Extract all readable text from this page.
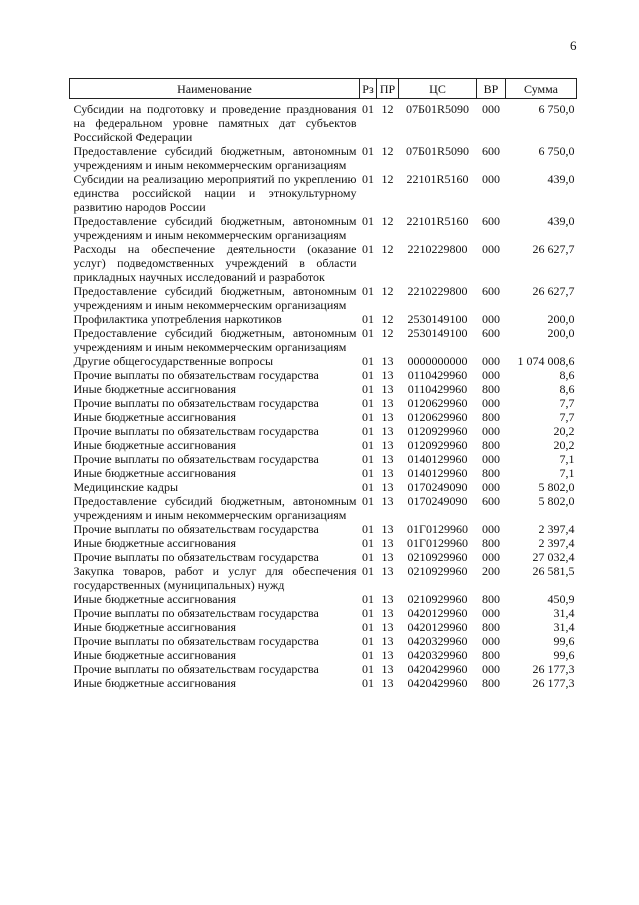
6
Наименование	Рз	ПР	ЦС	ВР	Сумма
Субсидии на подготовку и проведение празднования на федеральном уровне памятных дат субъектов Российской Федерации	01	12	07Б01R5090	000	6 750,0
Предоставление субсидий бюджетным, автономным учреждениям и иным некоммерческим организациям	01	12	07Б01R5090	600	6 750,0
Субсидии на реализацию мероприятий по укреплению единства российской нации и этнокультурному развитию народов России	01	12	22101R5160	000	439,0
Предоставление субсидий бюджетным, автономным учреждениям и иным некоммерческим организациям	01	12	22101R5160	600	439,0
Расходы на обеспечение деятельности (оказание услуг) подведомственных учреждений в области прикладных научных исследований и разработок	01	12	2210229800	000	26 627,7
Предоставление субсидий бюджетным, автономным учреждениям и иным некоммерческим организациям	01	12	2210229800	600	26 627,7
Профилактика употребления наркотиков	01	12	2530149100	000	200,0
Предоставление субсидий бюджетным, автономным учреждениям и иным некоммерческим организациям	01	12	2530149100	600	200,0
Другие общегосударственные вопросы	01	13	0000000000	000	1 074 008,6
Прочие выплаты по обязательствам государства	01	13	0110429960	000	8,6
Иные бюджетные ассигнования	01	13	0110429960	800	8,6
Прочие выплаты по обязательствам государства	01	13	0120629960	000	7,7
Иные бюджетные ассигнования	01	13	0120629960	800	7,7
Прочие выплаты по обязательствам государства	01	13	0120929960	000	20,2
Иные бюджетные ассигнования	01	13	0120929960	800	20,2
Прочие выплаты по обязательствам государства	01	13	0140129960	000	7,1
Иные бюджетные ассигнования	01	13	0140129960	800	7,1
Медицинские кадры	01	13	0170249090	000	5 802,0
Предоставление субсидий бюджетным, автономным учреждениям и иным некоммерческим организациям	01	13	0170249090	600	5 802,0
Прочие выплаты по обязательствам государства	01	13	01Г0129960	000	2 397,4
Иные бюджетные ассигнования	01	13	01Г0129960	800	2 397,4
Прочие выплаты по обязательствам государства	01	13	0210929960	000	27 032,4
Закупка товаров, работ и услуг для обеспечения государственных (муниципальных) нужд	01	13	0210929960	200	26 581,5
Иные бюджетные ассигнования	01	13	0210929960	800	450,9
Прочие выплаты по обязательствам государства	01	13	0420129960	000	31,4
Иные бюджетные ассигнования	01	13	0420129960	800	31,4
Прочие выплаты по обязательствам государства	01	13	0420329960	000	99,6
Иные бюджетные ассигнования	01	13	0420329960	800	99,6
Прочие выплаты по обязательствам государства	01	13	0420429960	000	26 177,3
Иные бюджетные ассигнования	01	13	0420429960	800	26 177,3
